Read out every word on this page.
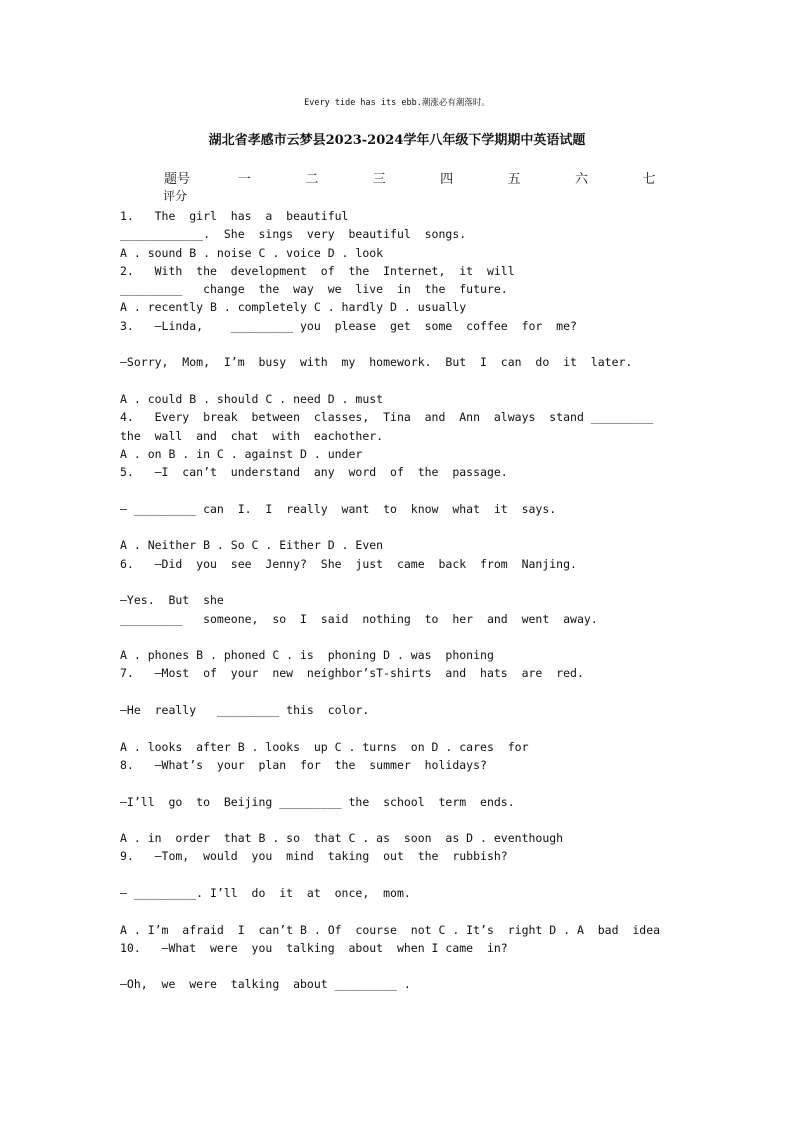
Every tide has its ebb.潮涨必有潮落时。
湖北省孝感市云梦县2023-2024学年八年级下学期期中英语试题
题号	一	二	三	四	五	六	七
评分
1.   The  girl  has  a  beautiful
____________.  She  sings  very  beautiful  songs.
A . sound B . noise C . voice D . look
2.   With  the  development  of  the  Internet,  it  will
_________   change  the  way  we  live  in  the  future.
A . recently B . completely C . hardly D . usually
3.   —Linda,    _________ you  please  get  some  coffee  for  me?
—Sorry,  Mom,  I’m  busy  with  my  homework.  But  I  can  do  it  later.
A . could B . should C . need D . must
4.   Every  break  between  classes,  Tina  and  Ann  always  stand _________
the  wall  and  chat  with  eachother.
A . on B . in C . against D . under
5.   —I  can’t  understand  any  word  of  the  passage.
— _________ can  I.  I  really  want  to  know  what  it  says.
A . Neither B . So C . Either D . Even
6.   —Did  you  see  Jenny?  She  just  came  back  from  Nanjing.
—Yes.  But  she
_________   someone,  so  I  said  nothing  to  her  and  went  away.
A . phones B . phoned C . is  phoning D . was  phoning
7.   —Most  of  your  new  neighbor’sT-shirts  and  hats  are  red.
—He  really   _________ this  color.
A . looks  after B . looks  up C . turns  on D . cares  for
8.   —What’s  your  plan  for  the  summer  holidays?
—I’ll  go  to  Beijing _________ the  school  term  ends.
A . in  order  that B . so  that C . as  soon  as D . eventhough
9.   —Tom,  would  you  mind  taking  out  the  rubbish?
— _________. I’ll  do  it  at  once,  mom.
A . I’m  afraid  I  can’t B . Of  course  not C . It’s  right D . A  bad  idea
10.   —What  were  you  talking  about  when I came  in?
—Oh,  we  were  talking  about _________ .
